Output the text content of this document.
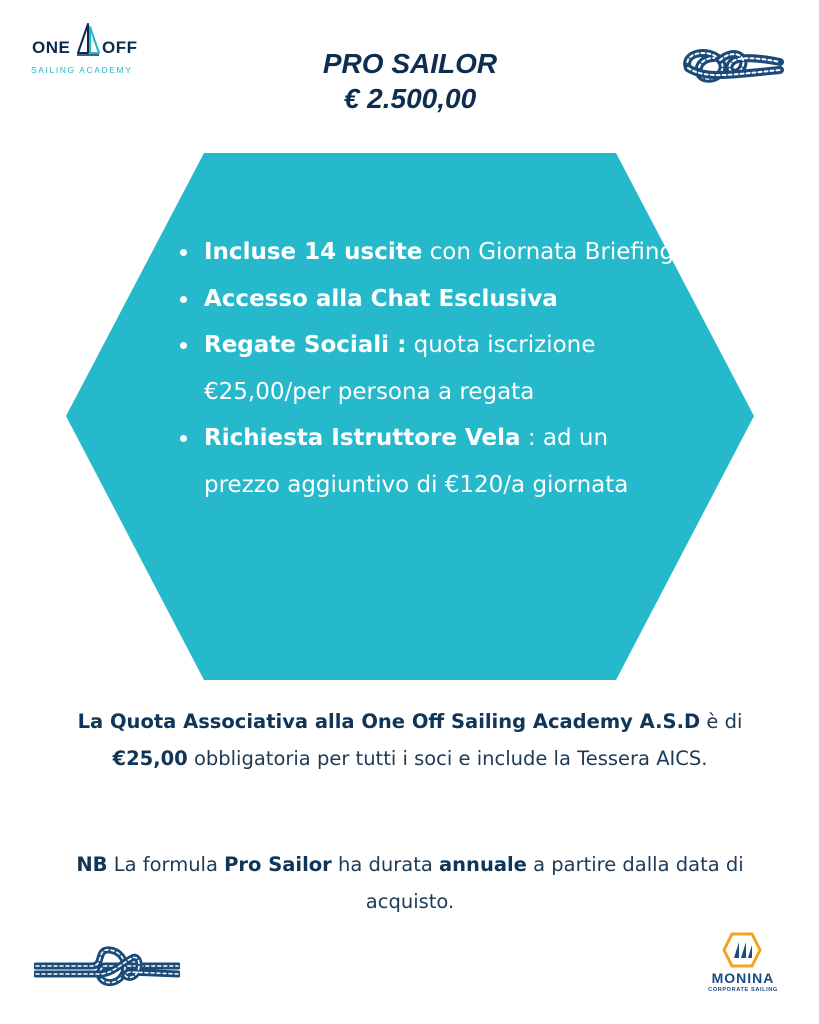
ONE OFF
SAILING ACADEMY	PRO SAILOR
€ 2.500,00
Incluse 14 uscite con Giornata Briefing
Accesso alla Chat Esclusiva
Regate Sociali : quota iscrizione €25,00/per persona a regata
Richiesta Istruttore Vela : ad un prezzo aggiuntivo di €120/a giornata

La Quota Associativa alla One Off Sailing Academy A.S.D è di €25,00 obbligatoria per tutti i soci e include la Tessera AICS.

NB La formula Pro Sailor ha durata annuale a partire dalla data di acquisto.

MONINA
CORPORATE SAILING
